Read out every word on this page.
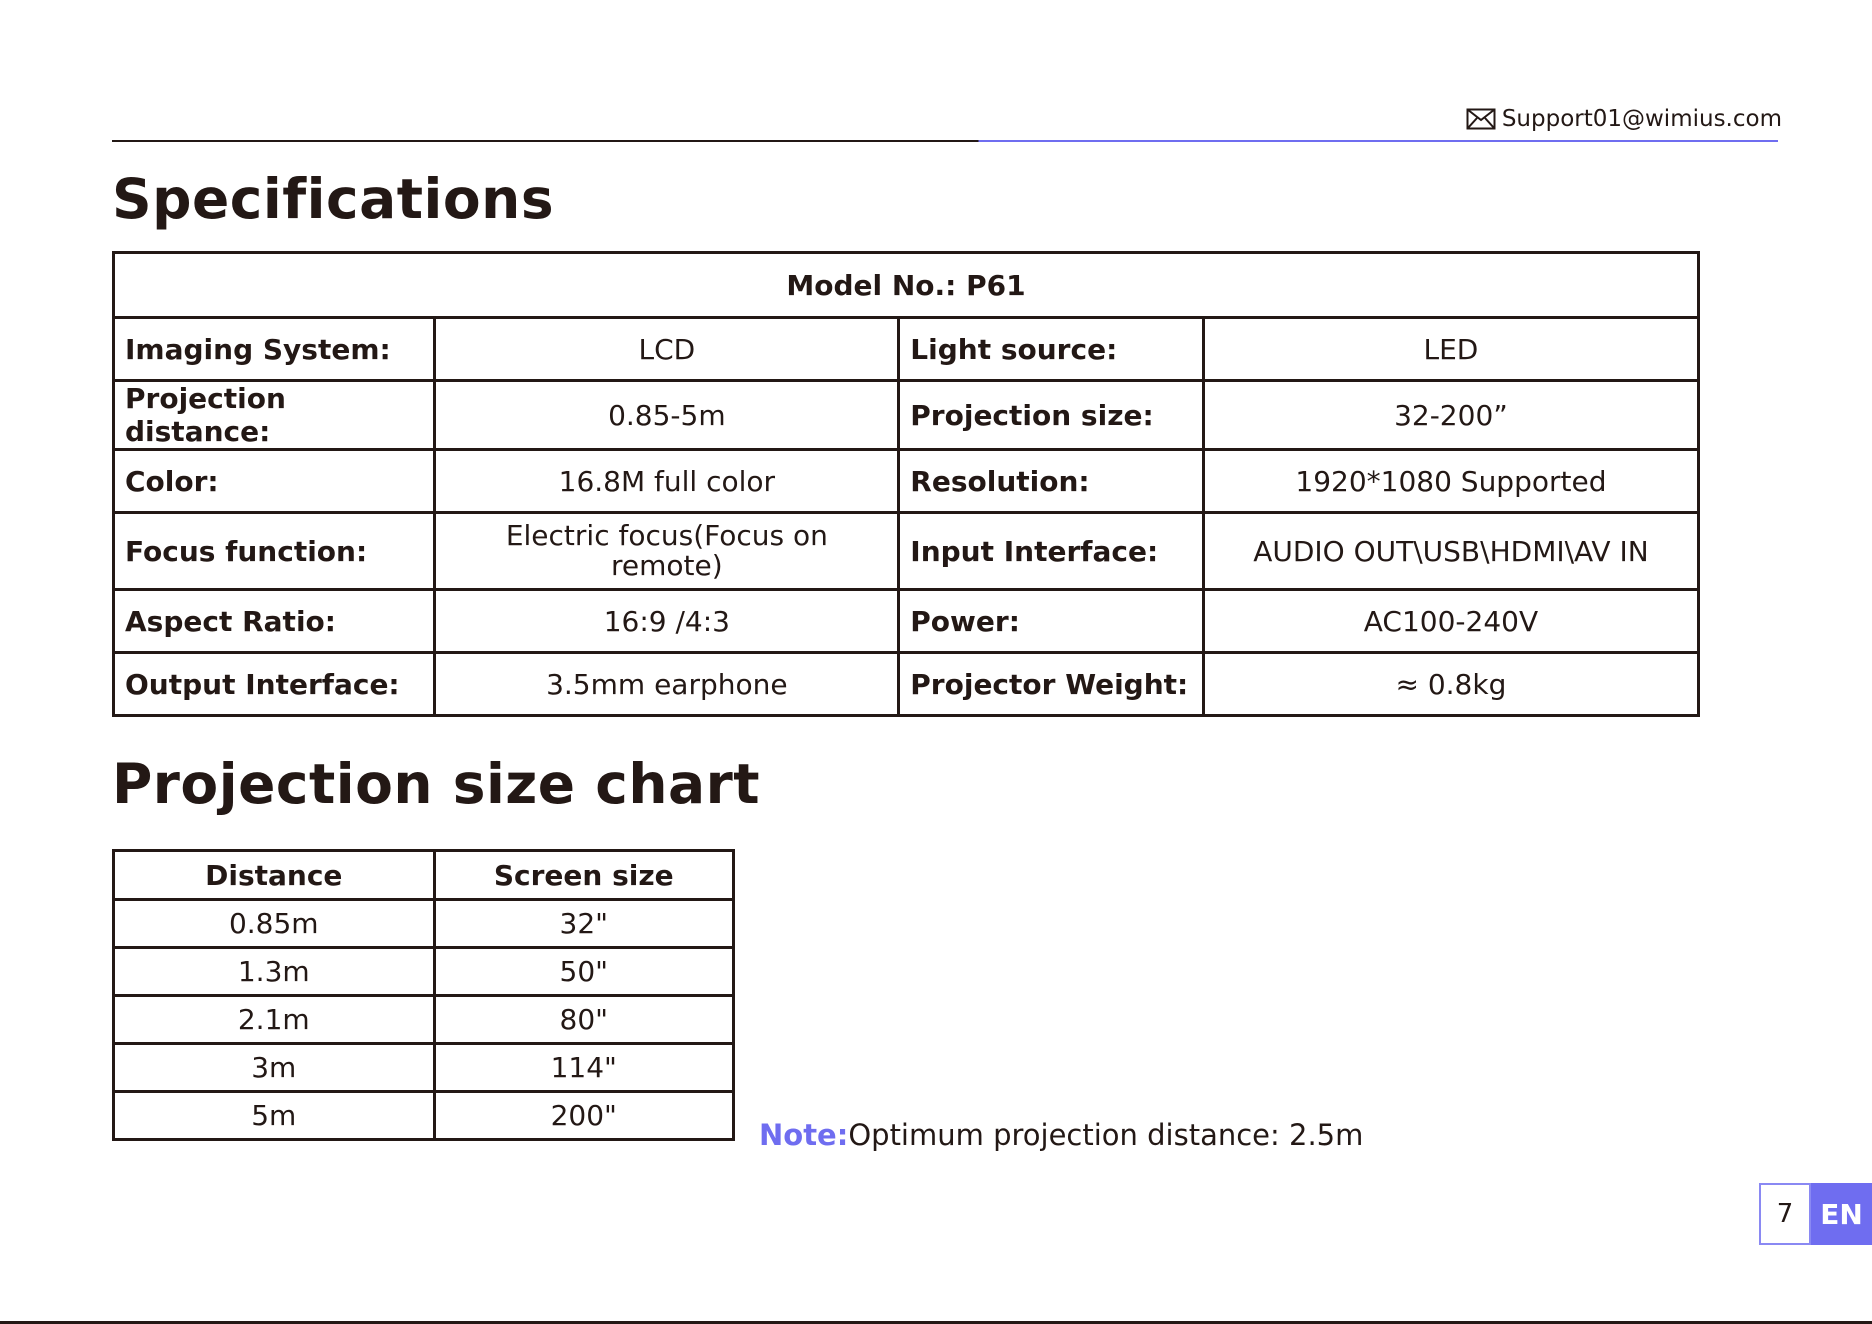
Support01@wimius.com
Specifications
Model No.: P61			
Imaging System:	LCD	Light source:	LED
Projection distance:	0.85-5m	Projection size:	32-200”
Color:	16.8M full color	Resolution:	1920*1080 Supported
Focus function:	Electric focus(Focus on remote)	Input Interface:	AUDIO OUT\USB\HDMI\AV IN
Aspect Ratio:	16:9 /4:3	Power:	AC100-240V
Output Interface:	3.5mm earphone	Projector Weight:	≈ 0.8kg
Projection size chart
Distance	Screen size
0.85m	32"
1.3m	50"
2.1m	80"
3m	114"
5m	200"
Note:Optimum projection distance: 2.5m
7 EN
